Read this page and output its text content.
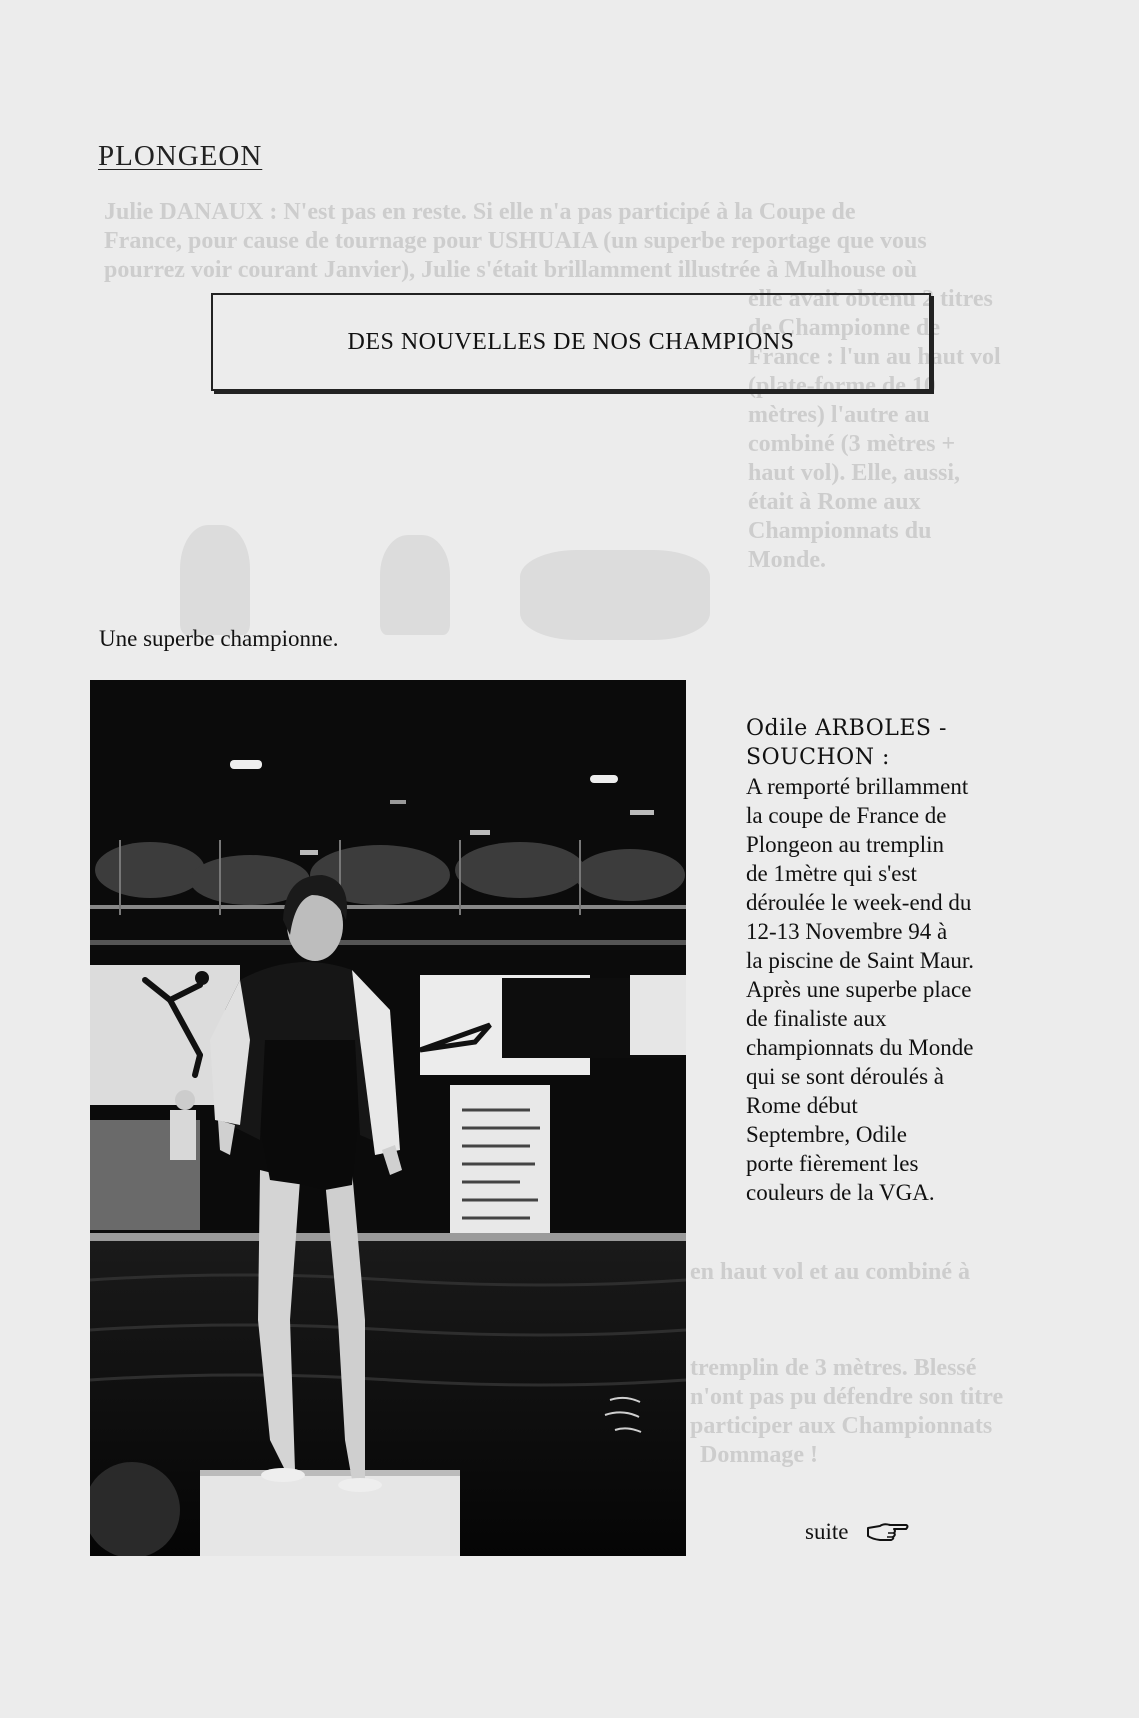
Julie DANAUX : N'est pas en reste. Si elle n'a pas participé à la Coupe de
France, pour cause de tournage pour USHUAIA (un superbe reportage que vous
pourrez voir courant Janvier), Julie s'était brillamment illustrée à Mulhouse où
elle avait obtenu 2 titres
de Championne de
France : l'un au haut vol
(plate-forme de 10
mètres) l'autre au
combiné (3 mètres +
haut vol). Elle, aussi,
était à Rome aux
Championnats du
Monde.
en haut vol et au combiné à
tremplin de 3 mètres. Blessé
n'ont pas pu défendre son titre
participer aux Championnats
Dommage !
PLONGEON
DES NOUVELLES DE NOS CHAMPIONS
Une superbe championne.
Odile ARBOLES -
SOUCHON :

A remporté brillamment
la coupe de France de
Plongeon au tremplin
de 1mètre qui s'est
déroulée le week-end du
12-13 Novembre 94 à
la piscine de Saint Maur.
Après une superbe place
de finaliste aux
championnats du Monde
qui se sont déroulés à
Rome début
Septembre, Odile
porte fièrement les
couleurs de la VGA.

suite
